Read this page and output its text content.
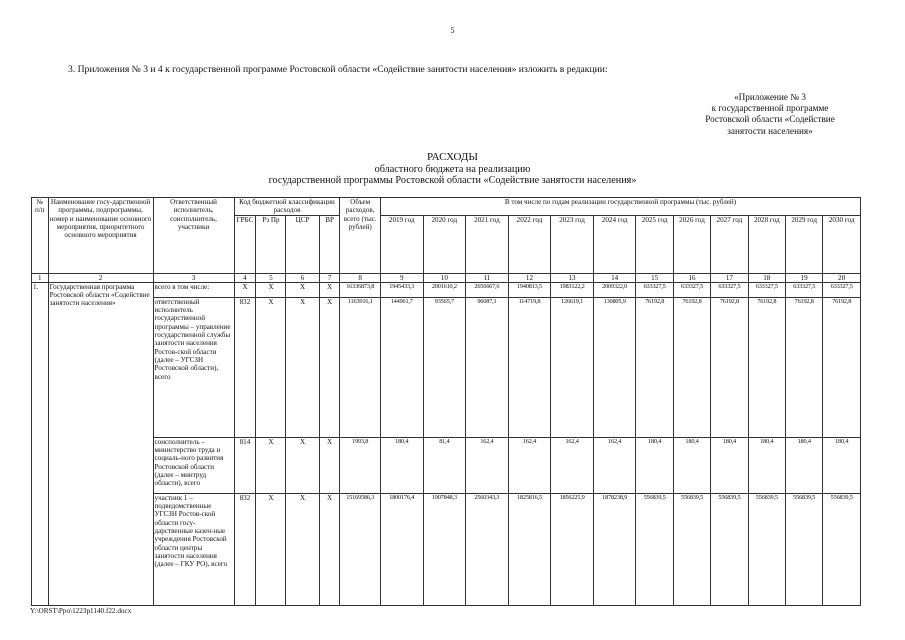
5
3. Приложения № 3 и 4 к государственной программе Ростовской области «Содействие занятости населения» изложить в редакции:
«Приложение № 3
к государственной программе
Ростовской области «Содействие
занятости населения»
РАСХОДЫ
областного бюджета на реализацию
государственной программы Ростовской области «Содействие занятости населения»
№ п/п	Наименование госу-дарственной программы, подпрограммы, номер и наименование основного мероприятия, приоритетного основного мероприятия	Ответственный исполнитель, соисполнитель, участники	Код бюджетной классификации расходов				Объем расходов, всего (тыс. рублей)	В том числе по годам реализации государственной программы (тыс. рублей)											
			ГРБС	Рз Пр	ЦСР	ВР		2019 год	2020 год	2021 год	2022 год	2023 год	2024 год	2025 год	2026 год	2027 год	2028 год	2029 год	2030 год

1	2	3	4	5	6	7	8	9	10	11	12	13	14	15	16	17	18	19	20
1.	Государственная программа Ростовской области «Содействие занятости населения»	всего в том числе:	X	X	X	X	16336873,8	1945433,3	2001610,2	2656667,6	1940813,5	1983122,2	2009322,0	633327,5	633327,5	633327,5	633327,5	633327,5	633327,5
		ответственный исполнитель государственной программы – управление государственной службы занятости населения Ростов-ской области (далее – УГСЗН Ростовской области), всего	832	X	X	X	1163916,1	144961,7	93565,7	96087,1	114719,8	126619,1	130805,9	76192,8	76192,8	76192,8	76192,8	76192,8	76192,8
		соисполнитель – министерство труда и социаль-ного развития Ростовской области (далее – минтруд области), всего	814	X	X	X	1993,8	180,4	81,4	162,4	162,4	162,4	162,4	180,4	180,4	180,4	180,4	180,4	180,4
		участник 1 – подведомственные УГСЗН Ростов-ской области госу-дарственные казен-ные учреждения Ростовской области центры занятости населения (далее – ГКУ РО), всего	832	X	X	X	15169586,3	1800176,4	1907848,3	2560343,3	1825816,5	1856225,9	1878238,9	556839,5	556839,5	556839,5	556839,5	556839,5	556839,5
Y:\ORST\Ppo\1223p1140.f22.docx
